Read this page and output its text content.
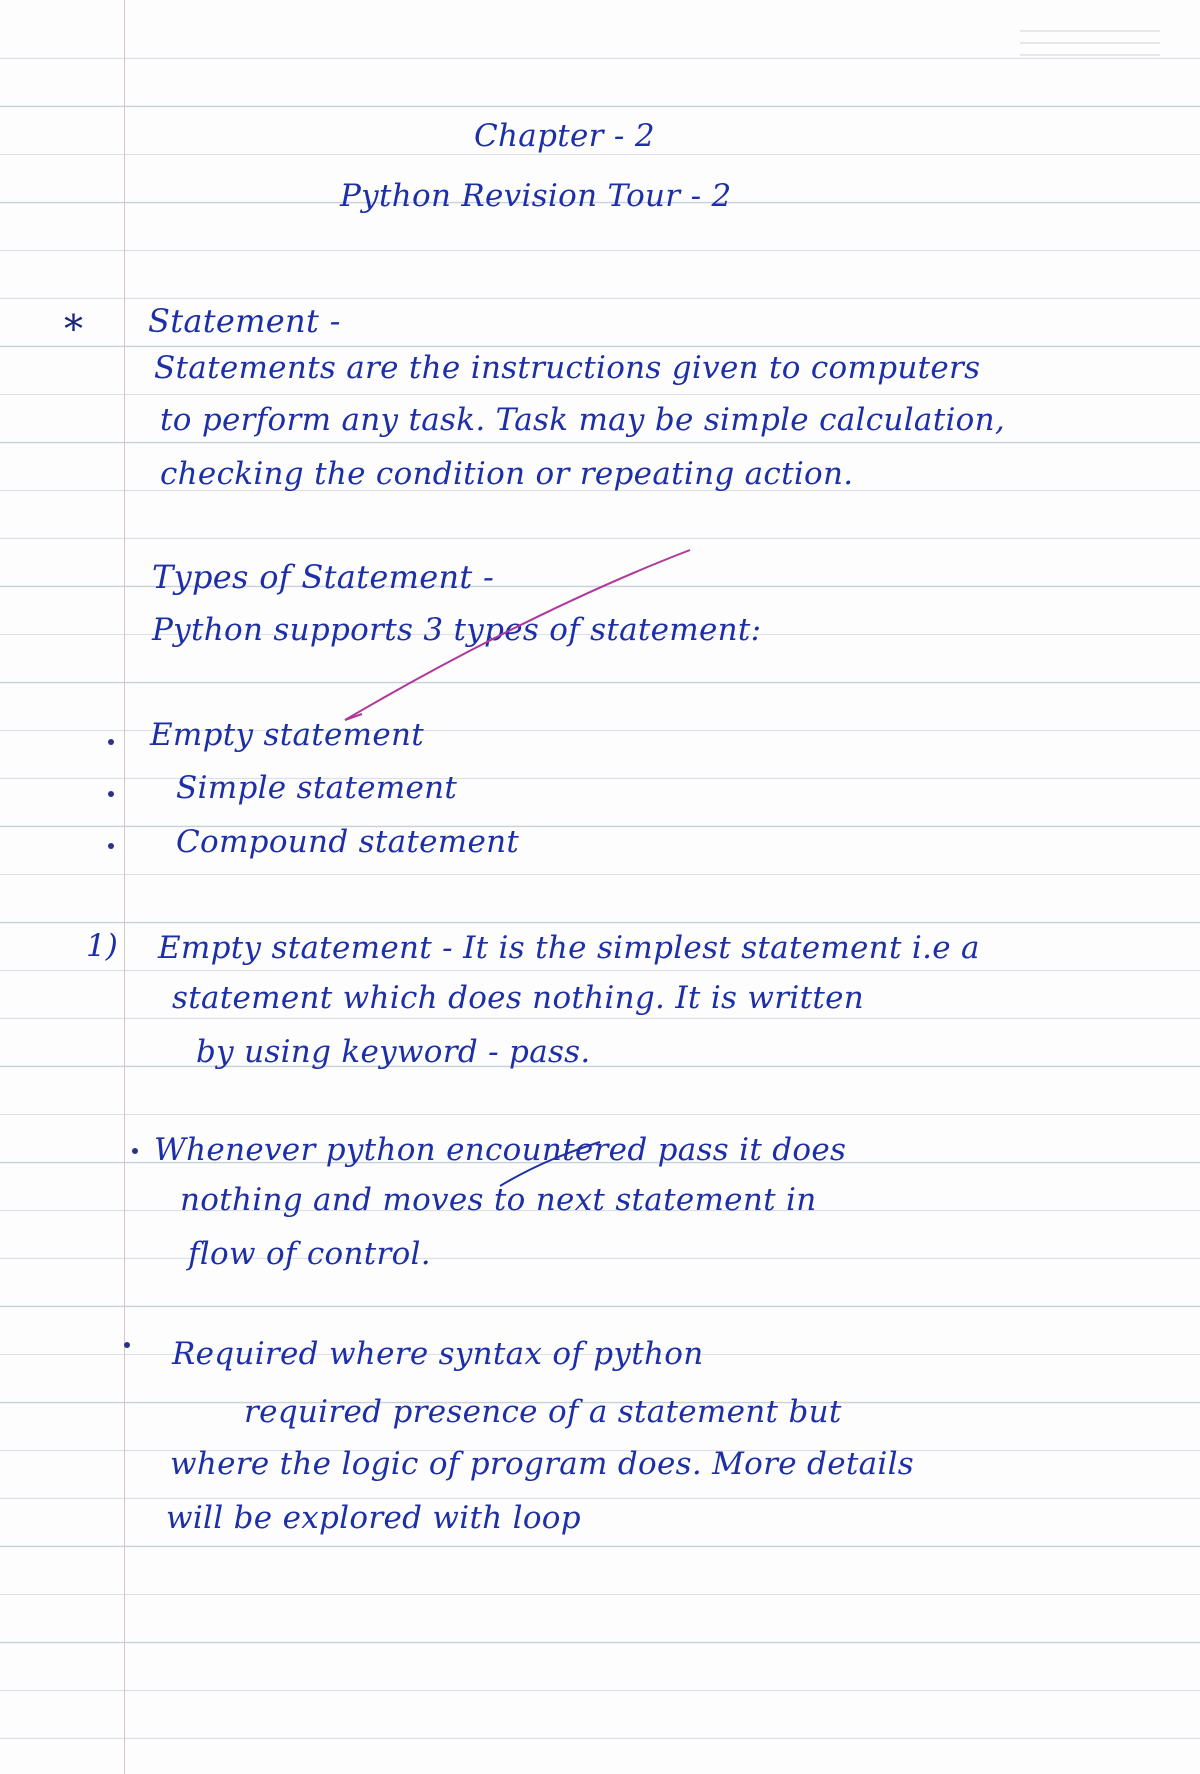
Chapter - 2
Python Revision Tour - 2
* Statement -
Statements are the instructions given to computers
to perform any task. Task may be simple calculation,
checking the condition or repeating action.
Types of Statement -
Python supports 3 types of statement:
Empty statement
Simple statement
Compound statement
1) Empty statement - It is the simplest statement i.e a
statement which does nothing. It is written
by using keyword - pass.
Whenever python encountered pass it does
nothing and moves to next statement in
flow of control.
Required where syntax of python
required presence of a statement but
where the logic of program does. More details
will be explored with loop
